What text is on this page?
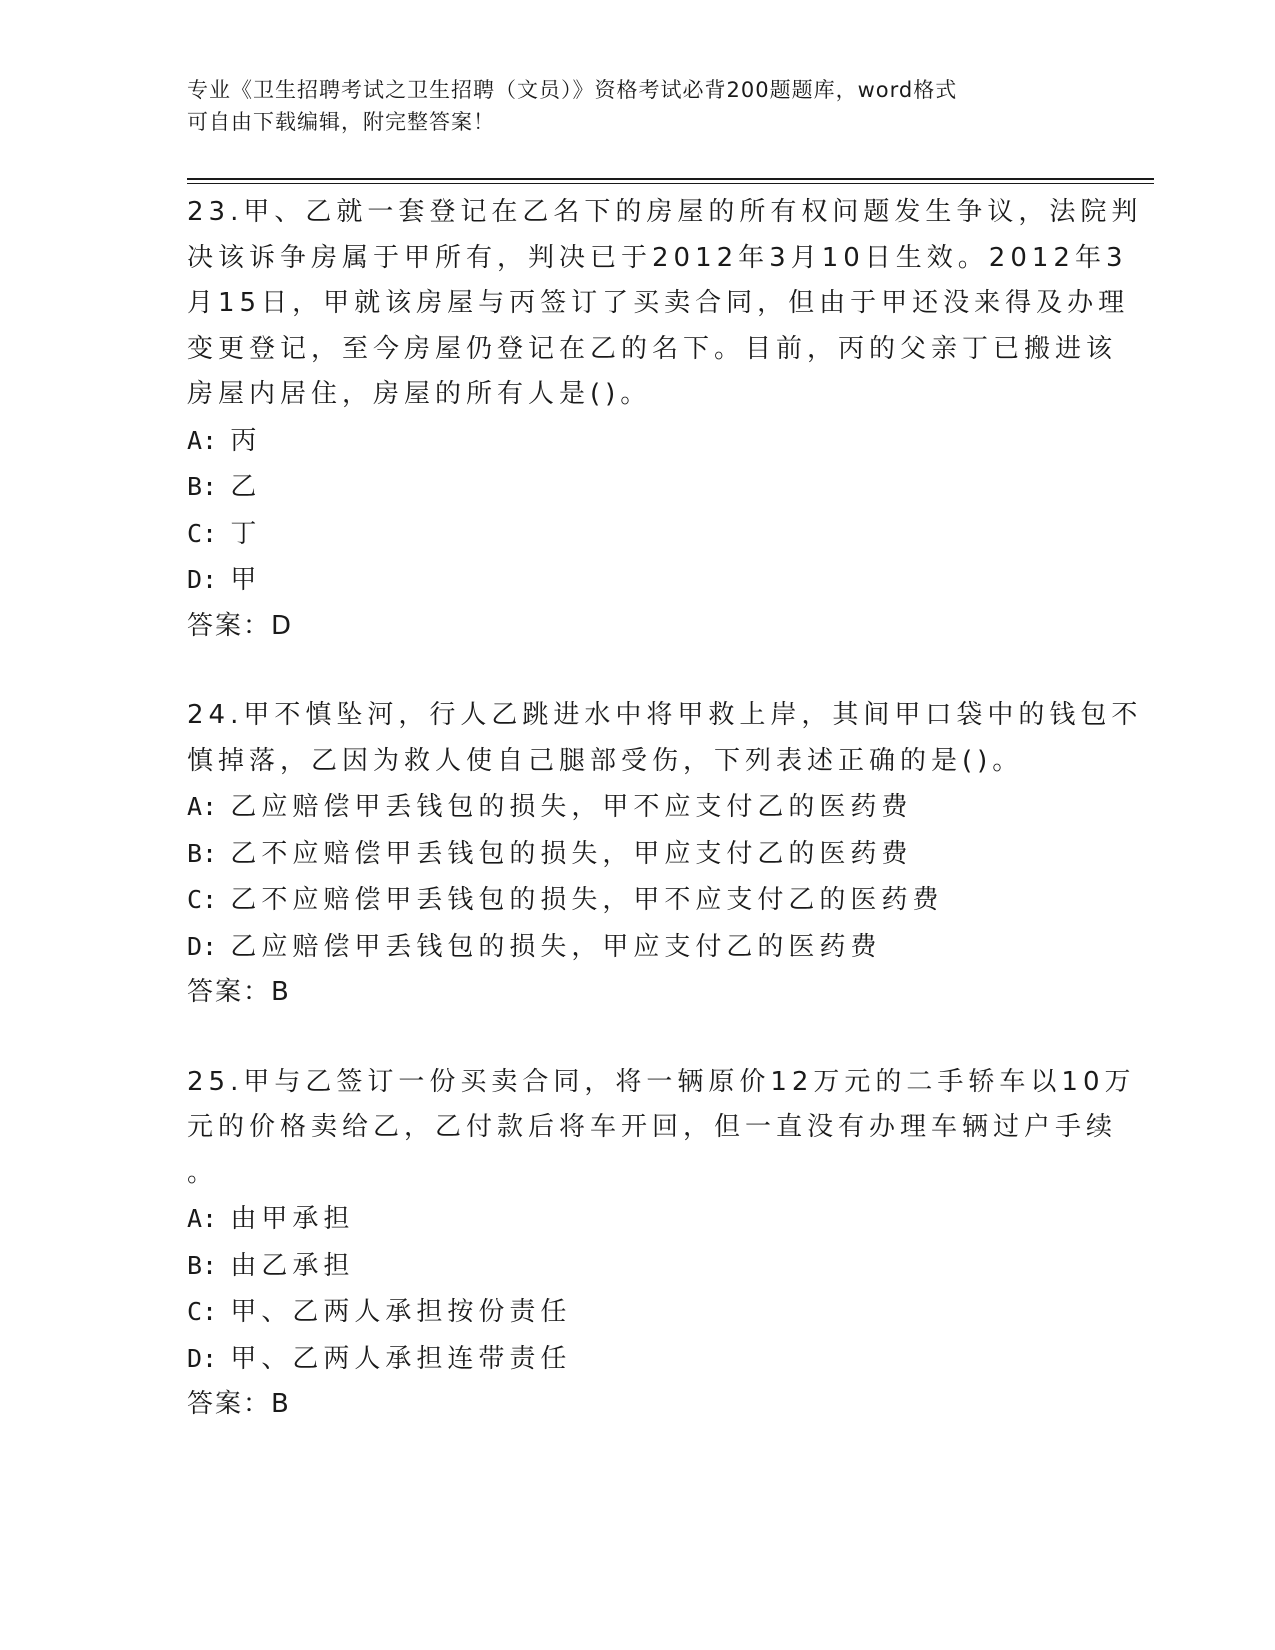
专业《卫生招聘考试之卫生招聘（文员）》资格考试必背200题题库，word格式
可自由下载编辑，附完整答案！
23.甲、乙就一套登记在乙名下的房屋的所有权问题发生争议，法院判
决该诉争房属于甲所有，判决已于2012年3月10日生效。2012年3
月15日，甲就该房屋与丙签订了买卖合同，但由于甲还没来得及办理
变更登记，至今房屋仍登记在乙的名下。目前，丙的父亲丁已搬进该
房屋内居住，房屋的所有人是()。
A: 丙
B: 乙
C: 丁
D: 甲
答案：D
24.甲不慎坠河，行人乙跳进水中将甲救上岸，其间甲口袋中的钱包不
慎掉落，乙因为救人使自己腿部受伤，下列表述正确的是()。
A: 乙应赔偿甲丢钱包的损失，甲不应支付乙的医药费
B: 乙不应赔偿甲丢钱包的损失，甲应支付乙的医药费
C: 乙不应赔偿甲丢钱包的损失，甲不应支付乙的医药费
D: 乙应赔偿甲丢钱包的损失，甲应支付乙的医药费
答案：B
25.甲与乙签订一份买卖合同，将一辆原价12万元的二手轿车以10万
元的价格卖给乙，乙付款后将车开回，但一直没有办理车辆过户手续
。
A: 由甲承担
B: 由乙承担
C: 甲、乙两人承担按份责任
D: 甲、乙两人承担连带责任
答案：B
